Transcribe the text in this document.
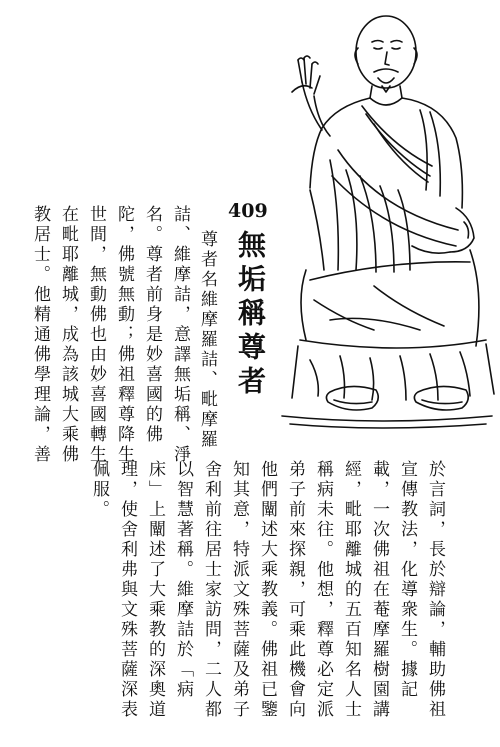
409
無垢稱尊者
尊者名維摩羅詰、毗摩羅
詰、維摩詰，意譯無垢稱、淨
名。尊者前身是妙喜國的佛
陀，佛號無動；佛祖釋尊降生
世間，無動佛也由妙喜國轉生
在毗耶離城，成為該城大乘佛
教居士。他精通佛學理論，善
於言詞，長於辯論，輔助佛祖
宣傳教法，化導衆生。據記
載，一次佛祖在菴摩羅樹園講
經，毗耶離城的五百知名人士
稱病未往。他想，釋尊必定派
弟子前來探親，可乘此機會向
他們闡述大乘教義。佛祖已鑒
知其意，特派文殊菩薩及弟子
舍利前往居士家訪問，二人都
以智慧著稱。維摩詰於「病
床」上闡述了大乘教的深奧道
理，使舍利弗與文殊菩薩深表
佩服。
